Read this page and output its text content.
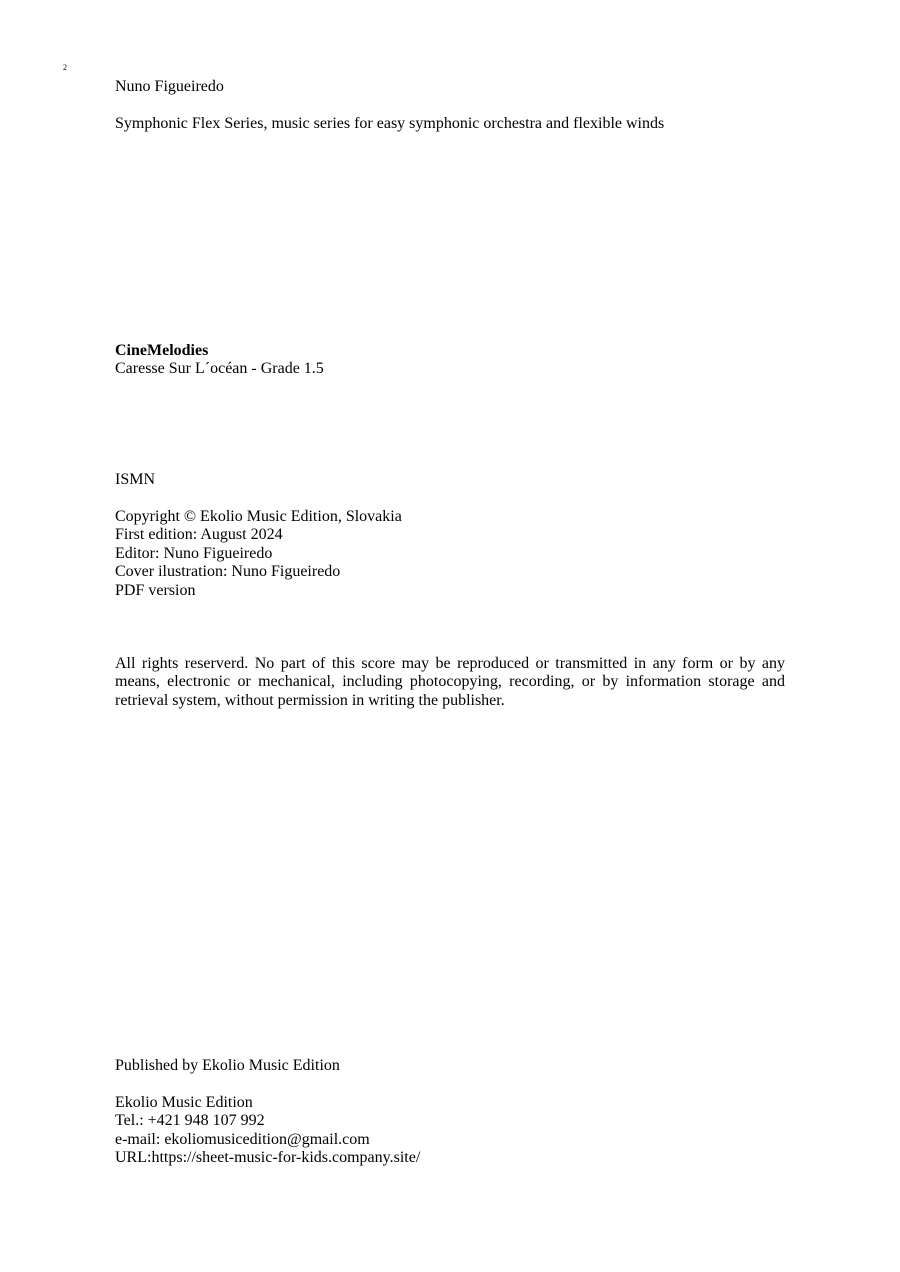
2
Nuno Figueiredo
Symphonic Flex Series, music series for easy symphonic orchestra and flexible winds
CineMelodies
Caresse Sur L´océan - Grade 1.5
ISMN
Copyright © Ekolio Music Edition, Slovakia
First edition: August 2024
Editor: Nuno Figueiredo
Cover ilustration: Nuno Figueiredo
PDF version
All rights reserverd. No part of this score may be reproduced or transmitted in any form or by any means, electronic or mechanical, including photocopying, recording, or by information storage and retrieval system, without permission in writing the publisher.
Published by Ekolio Music Edition
Ekolio Music Edition
Tel.: +421 948 107 992
e-mail: ekoliomusicedition@gmail.com
URL:https://sheet-music-for-kids.company.site/
